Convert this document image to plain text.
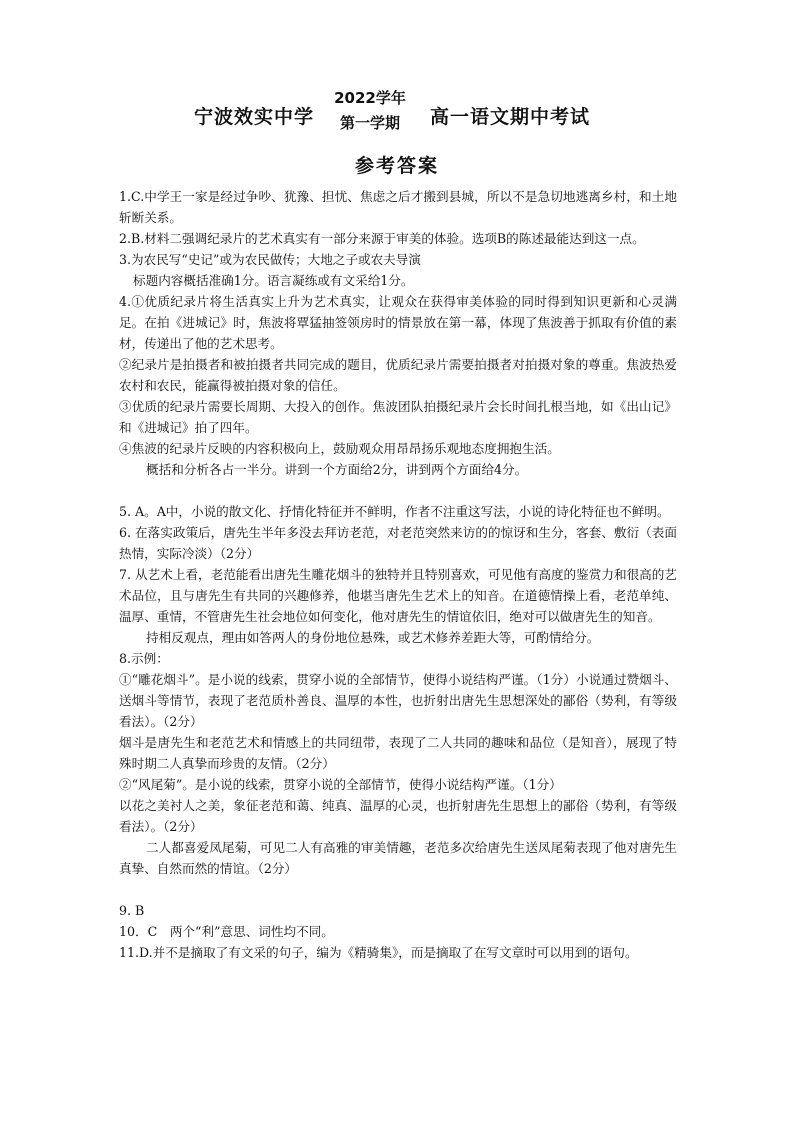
宁波效实中学
2022学年
第一学期	高一语文期中考试
参考答案

1.C.中学王一家是经过争吵、犹豫、担忧、焦虑之后才搬到县城，所以不是急切地逃离乡村，和土地斩断关系。

2.B.材料二强调纪录片的艺术真实有一部分来源于审美的体验。选项B的陈述最能达到这一点。

3.为农民写“史记”或为农民做传；大地之子或农夫导演

标题内容概括准确1分。语言凝练或有文采给1分。

4.①优质纪录片将生活真实上升为艺术真实，让观众在获得审美体验的同时得到知识更新和心灵满足。在拍《进城记》时，焦波将覃猛抽签领房时的情景放在第一幕，体现了焦波善于抓取有价值的素材，传递出了他的艺术思考。

②纪录片是拍摄者和被拍摄者共同完成的题目，优质纪录片需要拍摄者对拍摄对象的尊重。焦波热爱农村和农民，能赢得被拍摄对象的信任。

③优质的纪录片需要长周期、大投入的创作。焦波团队拍摄纪录片会长时间扎根当地，如《出山记》和《进城记》拍了四年。

④焦波的纪录片反映的内容积极向上，鼓励观众用昂昂扬乐观地态度拥抱生活。

概括和分析各占一半分。讲到一个方面给2分，讲到两个方面给4分。

5. A。A中，小说的散文化、抒情化特征并不鲜明，作者不注重这写法，小说的诗化特征也不鲜明。

6. 在落实政策后，唐先生半年多没去拜访老范，对老范突然来访的的惊讶和生分，客套、敷衍（表面热情，实际冷淡）（2分）

7. 从艺术上看，老范能看出唐先生雕花烟斗的独特并且特别喜欢，可见他有高度的鉴赏力和很高的艺术品位，且与唐先生有共同的兴趣修养，他堪当唐先生艺术上的知音。在道德情操上看，老范单纯、温厚、重情，不管唐先生社会地位如何变化，他对唐先生的情谊依旧，绝对可以做唐先生的知音。

持相反观点，理由如答两人的身份地位悬殊，或艺术修养差距大等，可酌情给分。

8.示例：

①“雕花烟斗”。是小说的线索，贯穿小说的全部情节，使得小说结构严谨。（1分）小说通过赞烟斗、送烟斗等情节，表现了老范质朴善良、温厚的本性，也折射出唐先生思想深处的鄙俗（势利，有等级看法）。（2分）

烟斗是唐先生和老范艺术和情感上的共同纽带，表现了二人共同的趣味和品位（是知音），展现了特殊时期二人真挚而珍贵的友情。（2分）

②“风尾菊”。是小说的线索，贯穿小说的全部情节，使得小说结构严谨。（1分）

以花之美衬人之美，象征老范和蔼、纯真、温厚的心灵，也折射唐先生思想上的鄙俗（势利，有等级看法）。（2分）

二人都喜爱凤尾菊，可见二人有高雅的审美情趣，老范多次给唐先生送凤尾菊表现了他对唐先生真挚、自然而然的情谊。（2分）

9. B

10．C　两个“利”意思、词性均不同。

11.D.并不是摘取了有文采的句子，编为《精骑集》，而是摘取了在写文章时可以用到的语句。
